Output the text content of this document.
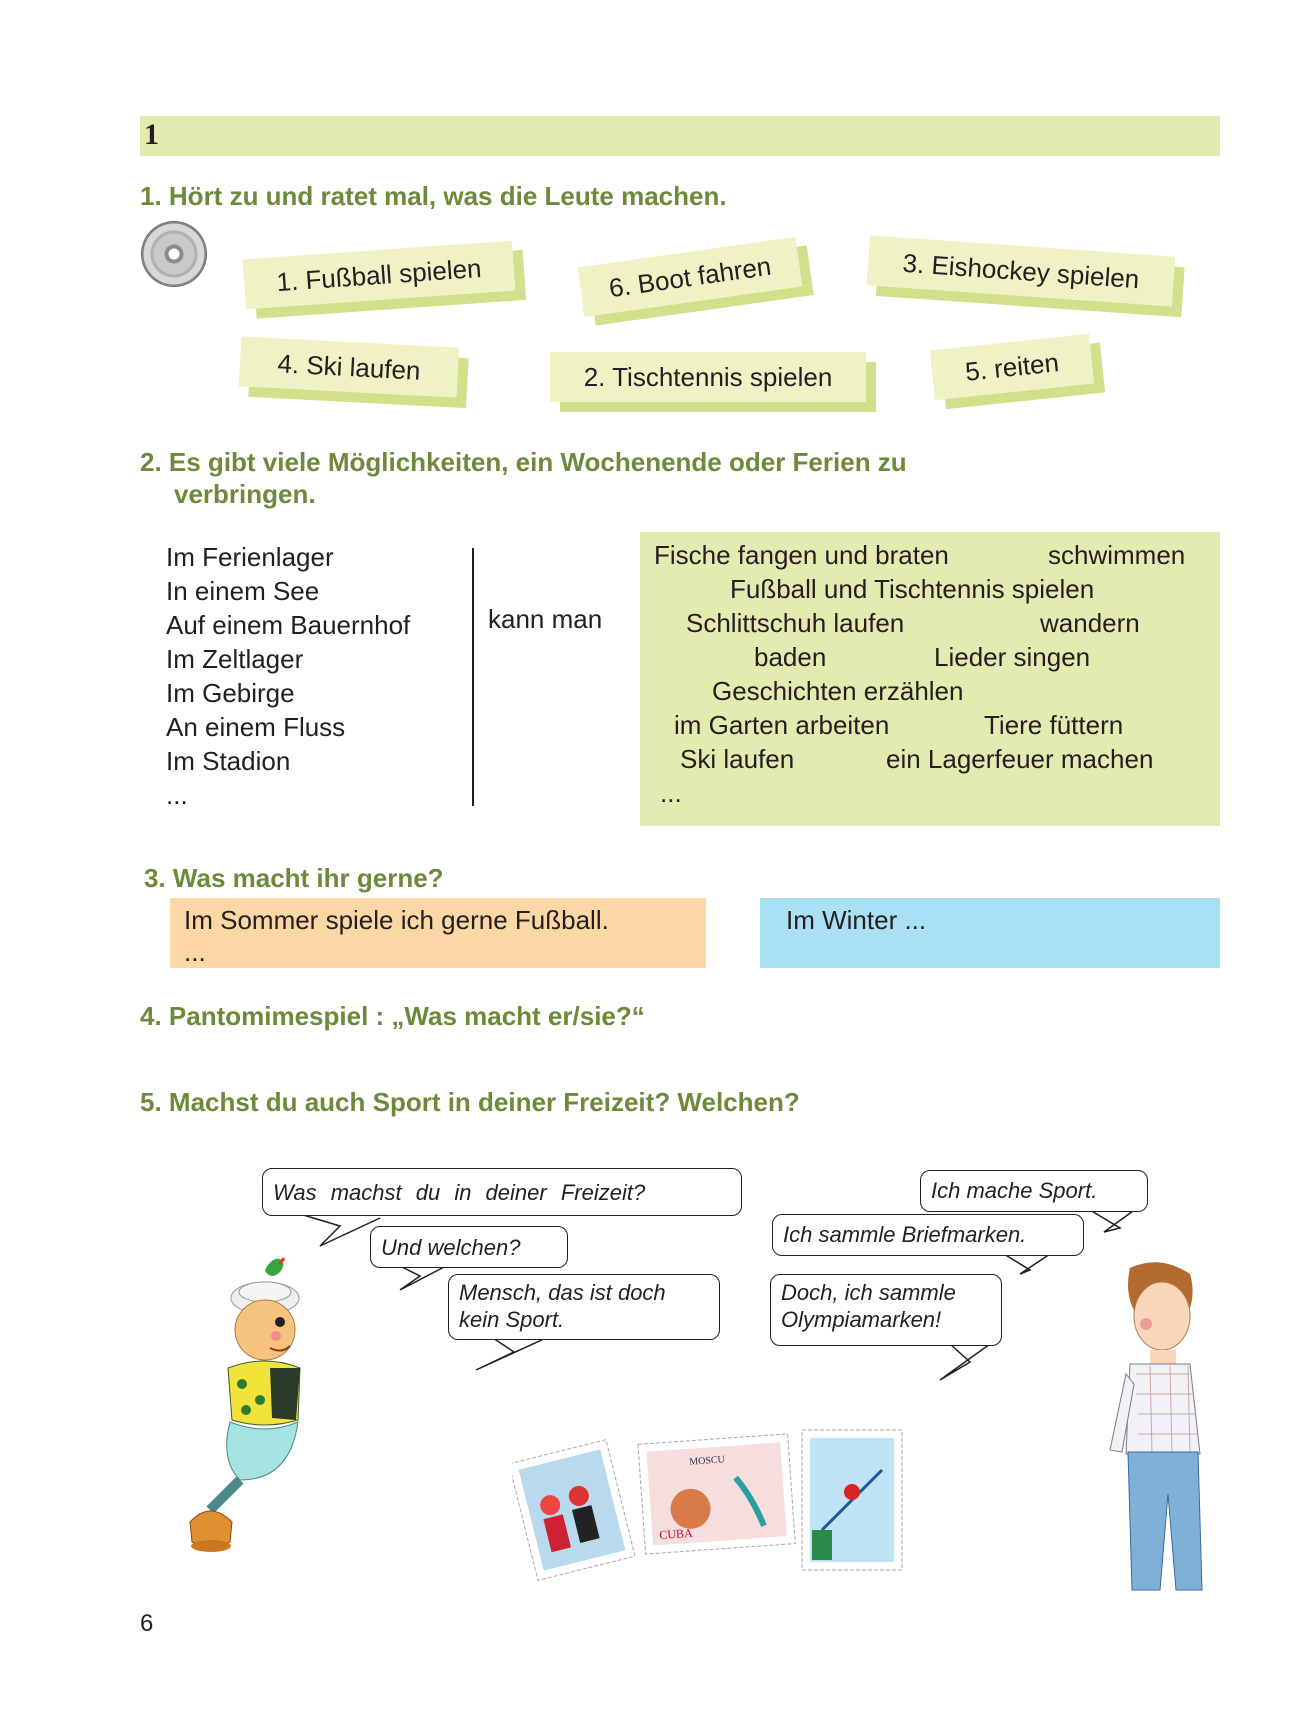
1
1. Hört zu und ratet mal, was die Leute machen.
1. Fußball spielen	6. Boot fahren	3. Eishockey spielen
4. Ski laufen	2. Tischtennis spielen	5. reiten
2. Es gibt viele Möglichkeiten, ein Wochenende oder Ferien zu
verbringen.
Im Ferienlager
In einem See
Auf einem Bauernhof
Im Zeltlager
Im Gebirge
An einem Fluss
Im Stadion
...
kann man
Fische fangen und braten	schwimmen
Fußball und Tischtennis spielen
Schlittschuh laufen	wandern
baden	Lieder singen
Geschichten erzählen
im Garten arbeiten	Tiere füttern
Ski laufen	ein Lagerfeuer machen
...
3. Was macht ihr gerne?
Im Sommer spiele ich gerne Fußball.
...
Im Winter ...
4. Pantomimespiel : „Was macht er/sie?“
5. Machst du auch Sport in deiner Freizeit? Welchen?
Was machst du in deiner Freizeit?
Und welchen?
Mensch, das ist doch
kein Sport.
Ich mache Sport.
Ich sammle Briefmarken.
Doch, ich sammle
Olympiamarken!
MOSCU
CUBA
6
